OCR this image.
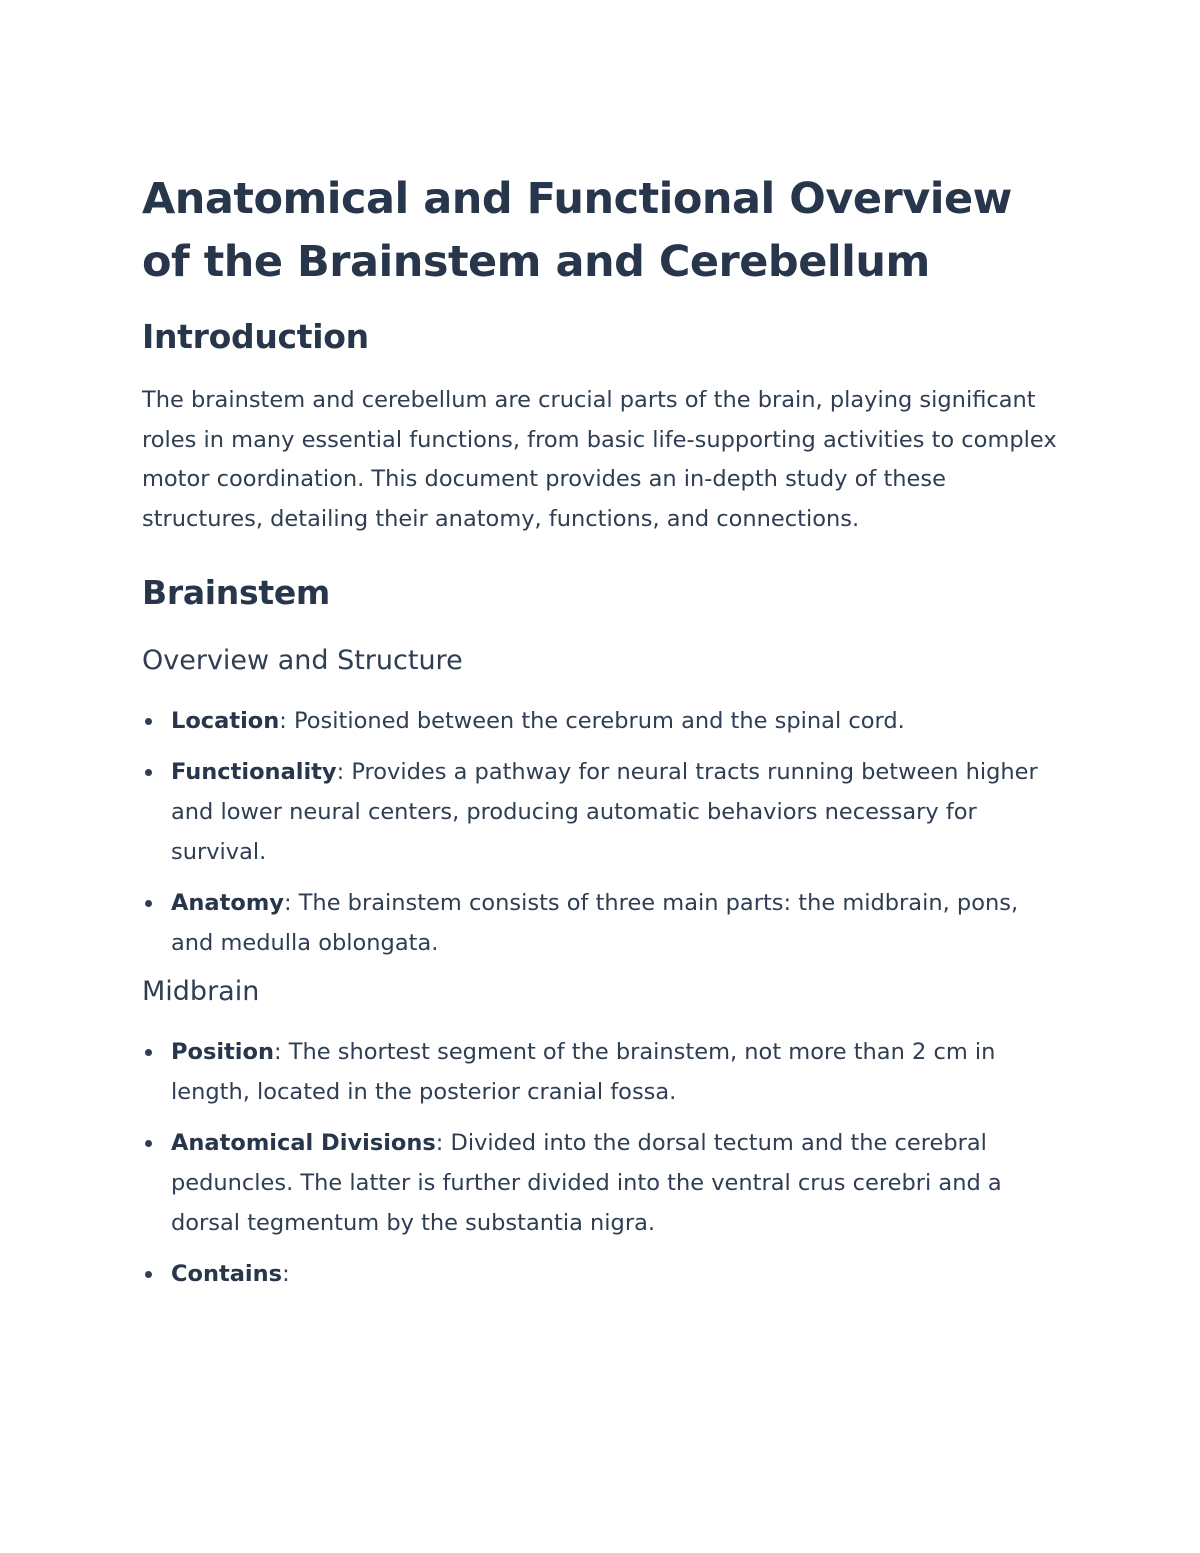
Anatomical and Functional Overview of the Brainstem and Cerebellum
Introduction

The brainstem and cerebellum are crucial parts of the brain, playing significant roles in many essential functions, from basic life-supporting activities to complex motor coordination. This document provides an in-depth study of these structures, detailing their anatomy, functions, and connections.

Brainstem
Overview and Structure
Location: Positioned between the cerebrum and the spinal cord.
Functionality: Provides a pathway for neural tracts running between higher and lower neural centers, producing automatic behaviors necessary for survival.
Anatomy: The brainstem consists of three main parts: the midbrain, pons, and medulla oblongata.
Midbrain
Position: The shortest segment of the brainstem, not more than 2 cm in length, located in the posterior cranial fossa.
Anatomical Divisions: Divided into the dorsal tectum and the cerebral peduncles. The latter is further divided into the ventral crus cerebri and a dorsal tegmentum by the substantia nigra.
Contains:
